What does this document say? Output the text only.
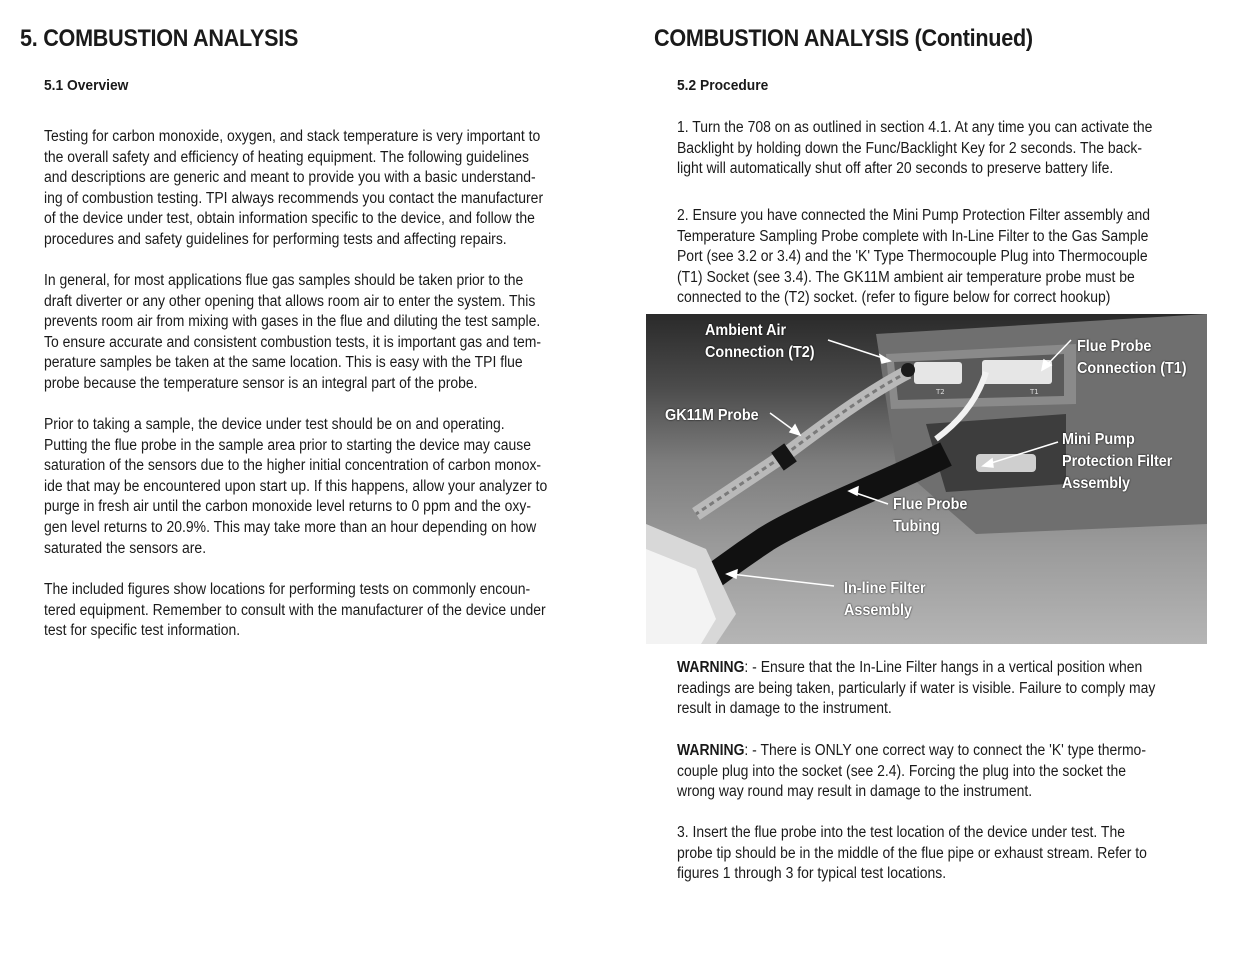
5. COMBUSTION ANALYSIS
5.1 Overview

Testing for carbon monoxide, oxygen, and stack temperature is very important to
the overall safety and efficiency of heating equipment. The following guidelines
and descriptions are generic and meant to provide you with a basic understand-
ing of combustion testing. TPI always recommends you contact the manufacturer
of the device under test, obtain information specific to the device, and follow the
procedures and safety guidelines for performing tests and affecting repairs.

In general, for most applications flue gas samples should be taken prior to the
draft diverter or any other opening that allows room air to enter the system. This
prevents room air from mixing with gases in the flue and diluting the test sample.
To ensure accurate and consistent combustion tests, it is important gas and tem-
perature samples be taken at the same location. This is easy with the TPI flue
probe because the temperature sensor is an integral part of the probe.

Prior to taking a sample, the device under test should be on and operating.
Putting the flue probe in the sample area prior to starting the device may cause
saturation of the sensors due to the higher initial concentration of carbon monox-
ide that may be encountered upon start up. If this happens, allow your analyzer to
purge in fresh air until the carbon monoxide level returns to 0 ppm and the oxy-
gen level returns to 20.9%. This may take more than an hour depending on how
saturated the sensors are.

The included figures show locations for performing tests on commonly encoun-
tered equipment. Remember to consult with the manufacturer of the device under
test for specific test information.

COMBUSTION ANALYSIS (Continued)
5.2 Procedure

1. Turn the 708 on as outlined in section 4.1. At any time you can activate the
Backlight by holding down the Func/Backlight Key for 2 seconds. The back-
light will automatically shut off after 20 seconds to preserve battery life.

2. Ensure you have connected the Mini Pump Protection Filter assembly and
Temperature Sampling Probe complete with In-Line Filter to the Gas Sample
Port (see 3.2 or 3.4) and the 'K' Type Thermocouple Plug into Thermocouple
(T1) Socket (see 3.4). The GK11M ambient air temperature probe must be
connected to the (T2) socket. (refer to figure below for correct hookup)

WARNING: - Ensure that the In-Line Filter hangs in a vertical position when
readings are being taken, particularly if water is visible. Failure to comply may
result in damage to the instrument.

WARNING: - There is ONLY one correct way to connect the 'K' type thermo-
couple plug into the socket (see 2.4). Forcing the plug into the socket the
wrong way round may result in damage to the instrument.

3. Insert the flue probe into the test location of the device under test. The
probe tip should be in the middle of the flue pipe or exhaust stream. Refer to
figures 1 through 3 for typical test locations.

T2	T1
Ambient Air
Connection (T2)	Flue Probe
Connection (T1)
GK11M Probe
Mini Pump
Protection Filter
Assembly
Flue Probe
Tubing
In-line Filter
Assembly
